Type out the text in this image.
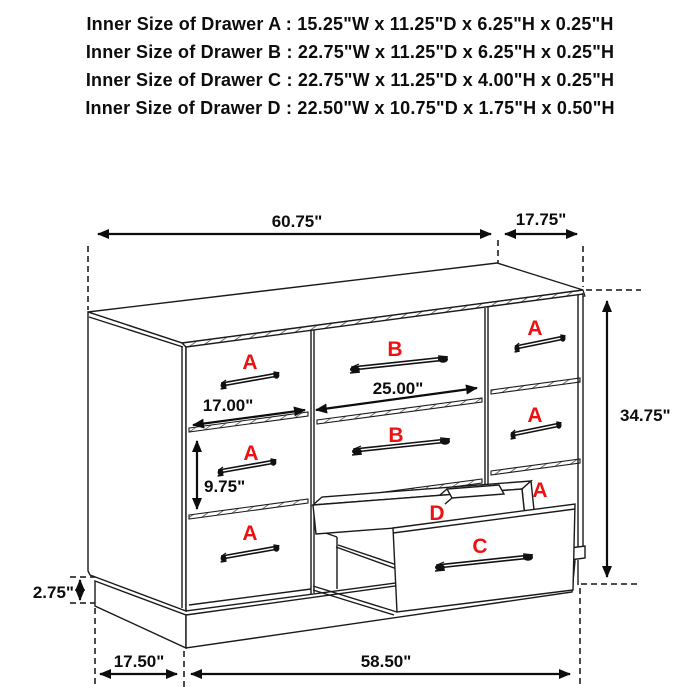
Inner Size of Drawer A : 15.25"W x 11.25"D x 6.25"H x 0.25"H
Inner Size of Drawer B : 22.75"W x 11.25"D x 6.25"H x 0.25"H
Inner Size of Drawer C : 22.75"W x 11.25"D x 4.00"H x 0.25"H
Inner Size of Drawer D : 22.50"W x 10.75"D x 1.75"H x 0.50"H
A
B
A
A
B
A
A
A
D
C
60.75"	17.75"
34.75"
25.00"
17.00"
9.75"
2.75"
17.50"	58.50"
